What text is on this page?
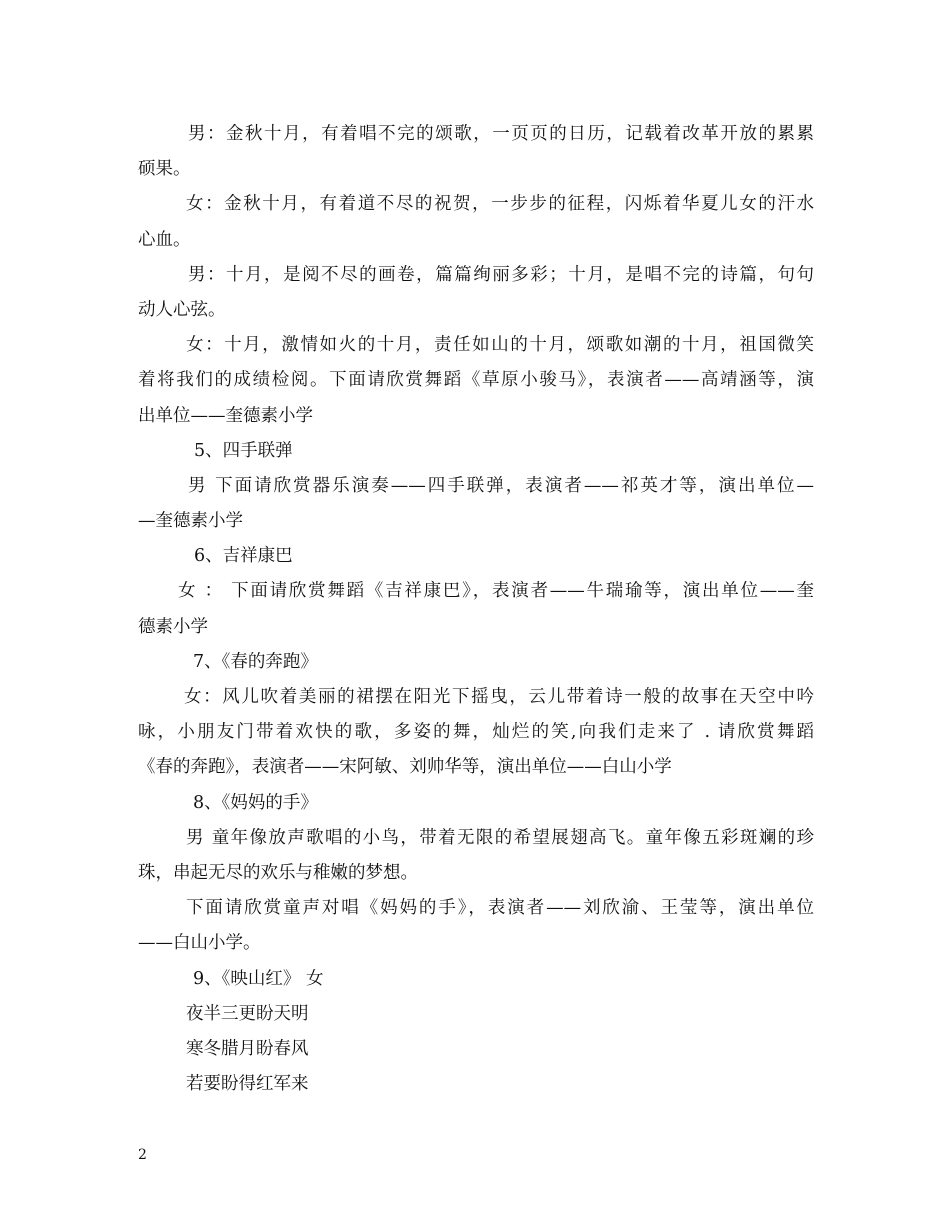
男：金秋十月，有着唱不完的颂歌，一页页的日历，记载着改革开放的累累
硕果。
女：金秋十月，有着道不尽的祝贺，一步步的征程，闪烁着华夏儿女的汗水
心血。
男：十月，是阅不尽的画卷，篇篇绚丽多彩；十月，是唱不完的诗篇，句句
动人心弦。
女：十月，激情如火的十月，责任如山的十月，颂歌如潮的十月，祖国微笑
着将我们的成绩检阅。下面请欣赏舞蹈《草原小骏马》，表演者——高靖涵等，演
出单位——奎德素小学
5、四手联弹
男 下面请欣赏器乐演奏——四手联弹，表演者——祁英才等，演出单位—
—奎德素小学
6、吉祥康巴
女 ： 下面请欣赏舞蹈《吉祥康巴》，表演者——牛瑞瑜等，演出单位——奎
德素小学
7、《春的奔跑》
女：风儿吹着美丽的裙摆在阳光下摇曳，云儿带着诗一般的故事在天空中吟
咏，小朋友门带着欢快的歌，多姿的舞，灿烂的笑,向我们走来了 . 请欣赏舞蹈
《春的奔跑》，表演者——宋阿敏、刘帅华等，演出单位——白山小学
8、《妈妈的手》
男 童年像放声歌唱的小鸟，带着无限的希望展翅高飞。童年像五彩斑斓的珍
珠，串起无尽的欢乐与稚嫩的梦想。
下面请欣赏童声对唱《妈妈的手》，表演者——刘欣渝、王莹等，演出单位
——白山小学。
9、《映山红》 女
夜半三更盼天明
寒冬腊月盼春风
若要盼得红军来
2
